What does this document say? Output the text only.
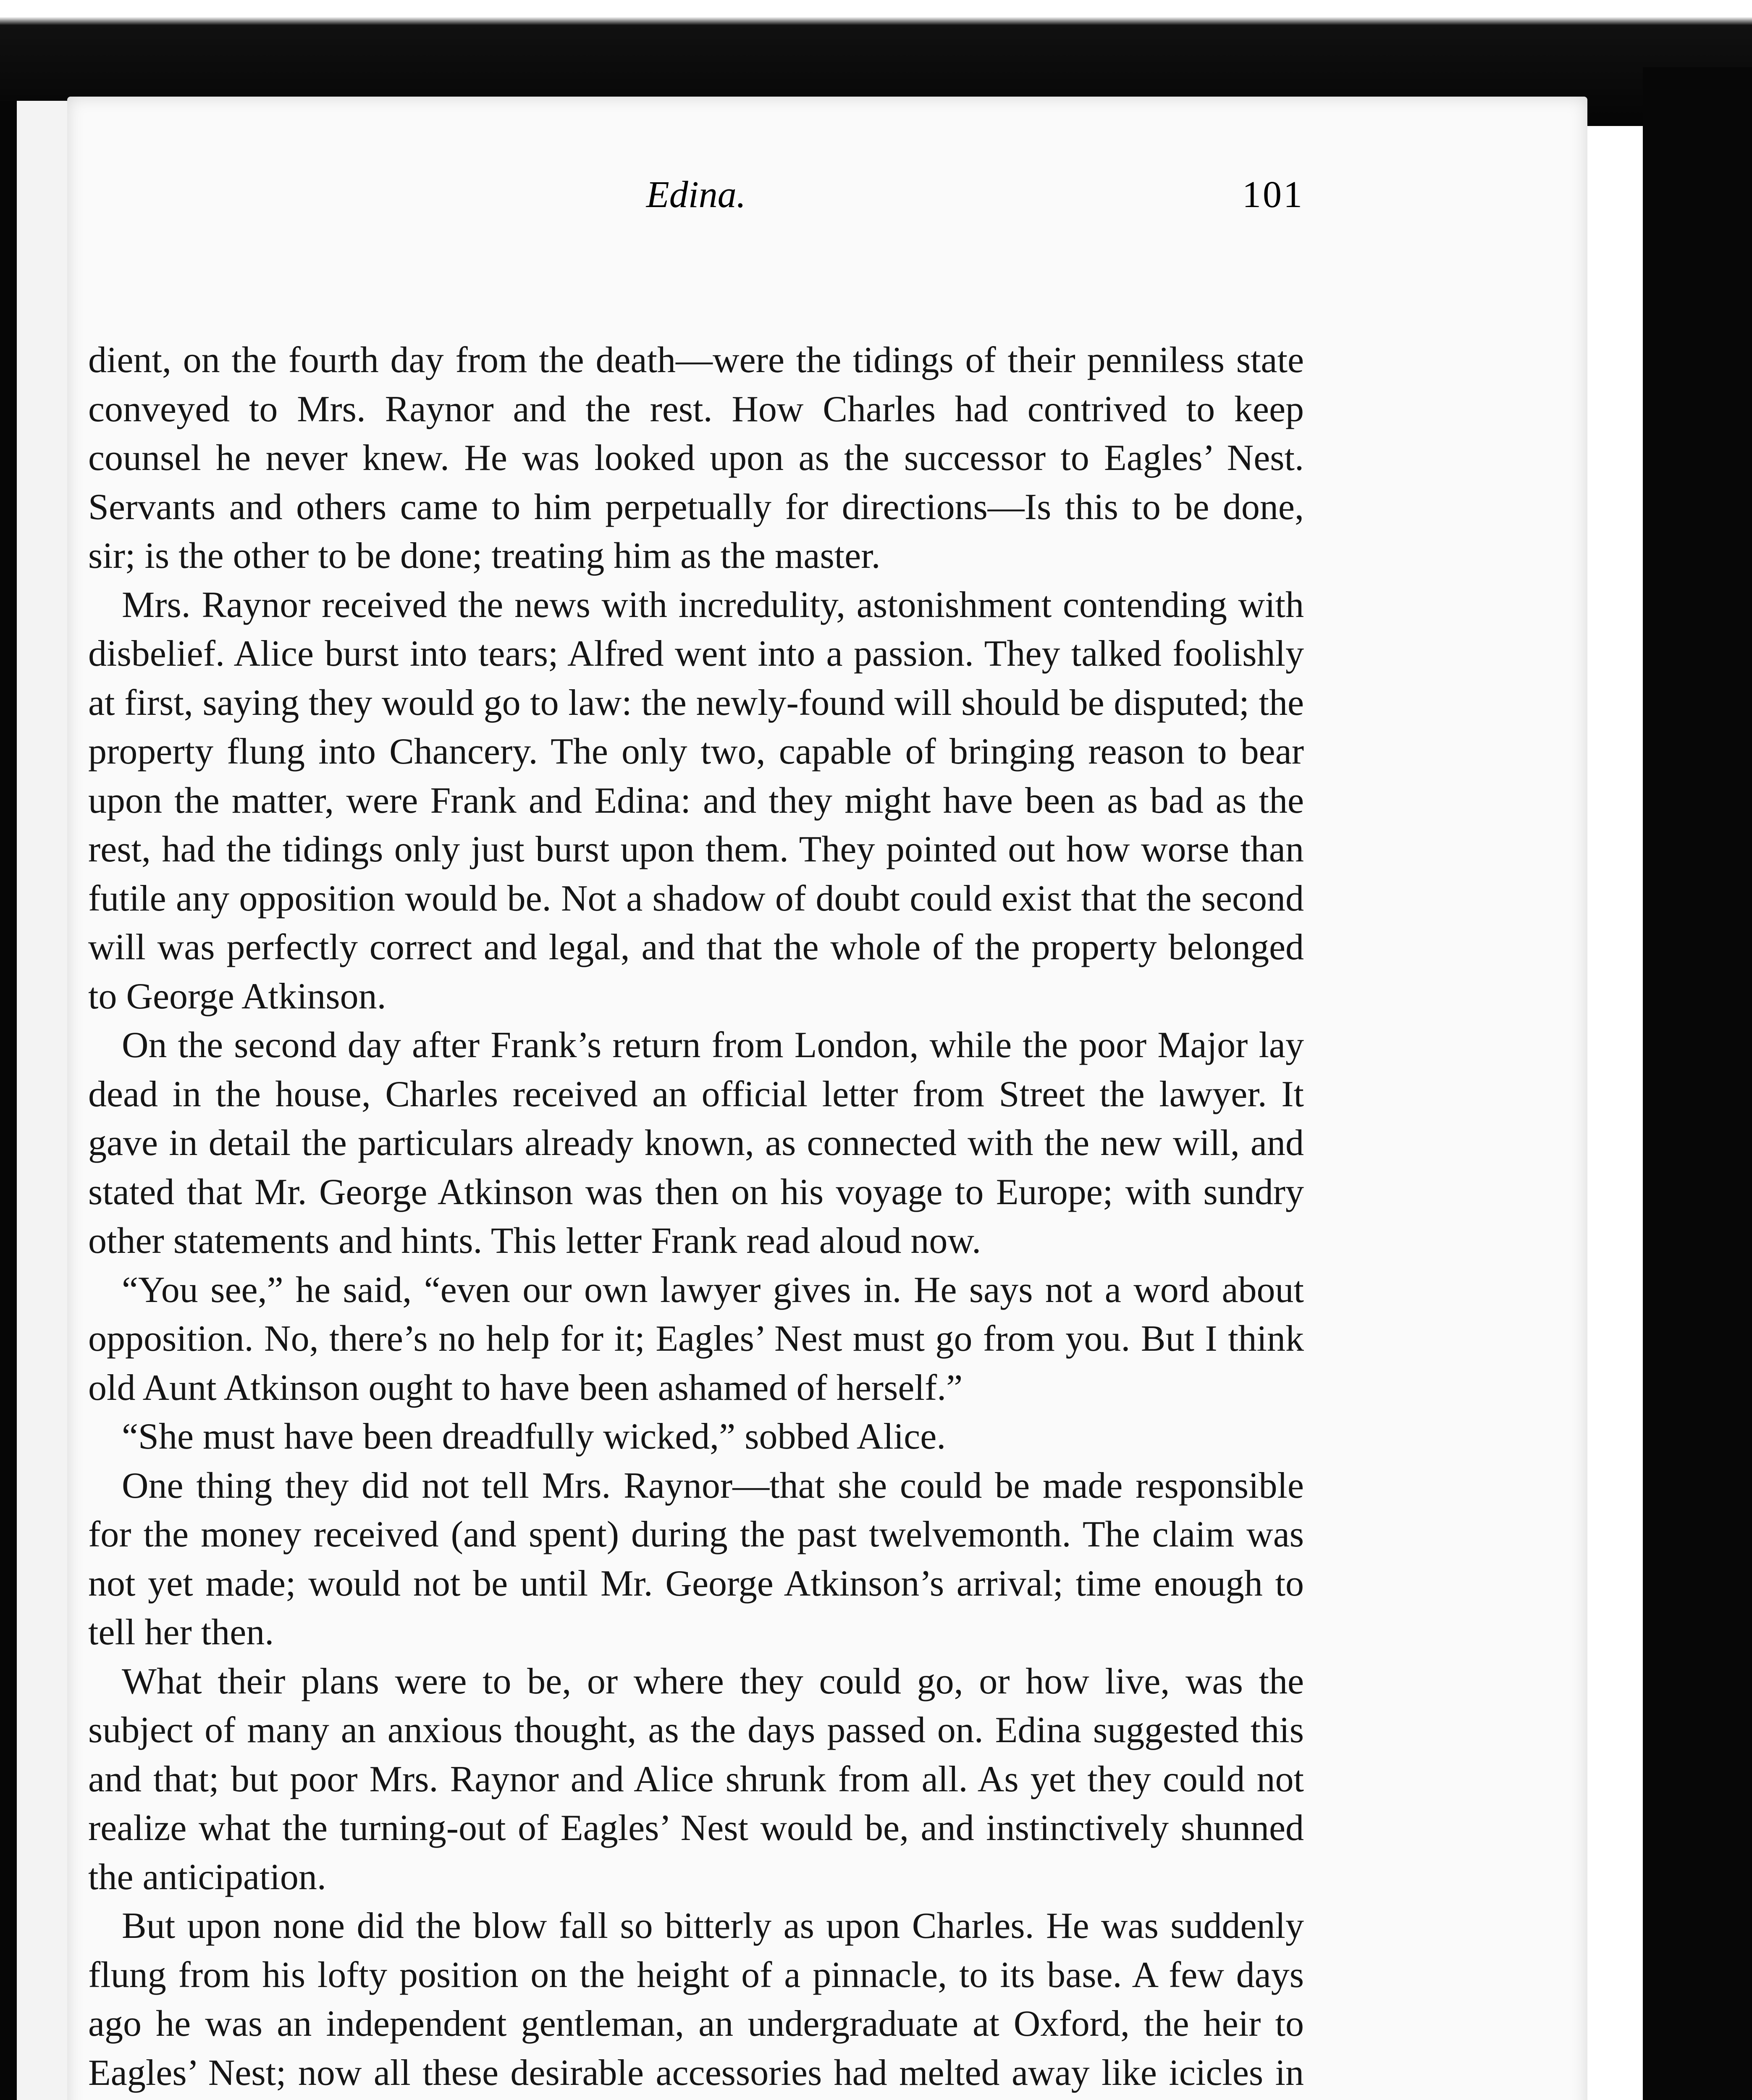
Edina.	101

dient, on the fourth day from the death—were the tidings of their penniless state conveyed to Mrs. Raynor and the rest. How Charles had contrived to keep counsel he never knew. He was looked upon as the successor to Eagles’ Nest. Servants and others came to him perpetually for directions—Is this to be done, sir; is the other to be done; treating him as the master.

Mrs. Raynor received the news with incredulity, astonishment contending with disbelief. Alice burst into tears; Alfred went into a passion. They talked foolishly at first, saying they would go to law: the newly-found will should be disputed; the property flung into Chancery. The only two, capable of bringing reason to bear upon the matter, were Frank and Edina: and they might have been as bad as the rest, had the tidings only just burst upon them. They pointed out how worse than futile any opposition would be. Not a shadow of doubt could exist that the second will was perfectly correct and legal, and that the whole of the property belonged to George Atkinson.

On the second day after Frank’s return from London, while the poor Major lay dead in the house, Charles received an official letter from Street the lawyer. It gave in detail the particulars already known, as connected with the new will, and stated that Mr. George Atkinson was then on his voyage to Europe; with sundry other statements and hints. This letter Frank read aloud now.

“You see,” he said, “even our own lawyer gives in. He says not a word about opposition. No, there’s no help for it; Eagles’ Nest must go from you. But I think old Aunt Atkinson ought to have been ashamed of herself.”

“She must have been dreadfully wicked,” sobbed Alice.

One thing they did not tell Mrs. Raynor—that she could be made responsible for the money received (and spent) during the past twelvemonth. The claim was not yet made; would not be until Mr. George Atkinson’s arrival; time enough to tell her then.

What their plans were to be, or where they could go, or how live, was the subject of many an anxious thought, as the days passed on. Edina suggested this and that; but poor Mrs. Raynor and Alice shrunk from all. As yet they could not realize what the turning-out of Eagles’ Nest would be, and instinctively shunned the anticipation.

But upon none did the blow fall so bitterly as upon Charles. He was suddenly flung from his lofty position on the height of a pinnacle, to its base. A few days ago he was an independent gentleman, an undergraduate at Oxford, the heir to Eagles’ Nest; now all these desirable accessories had melted away like icicles in
